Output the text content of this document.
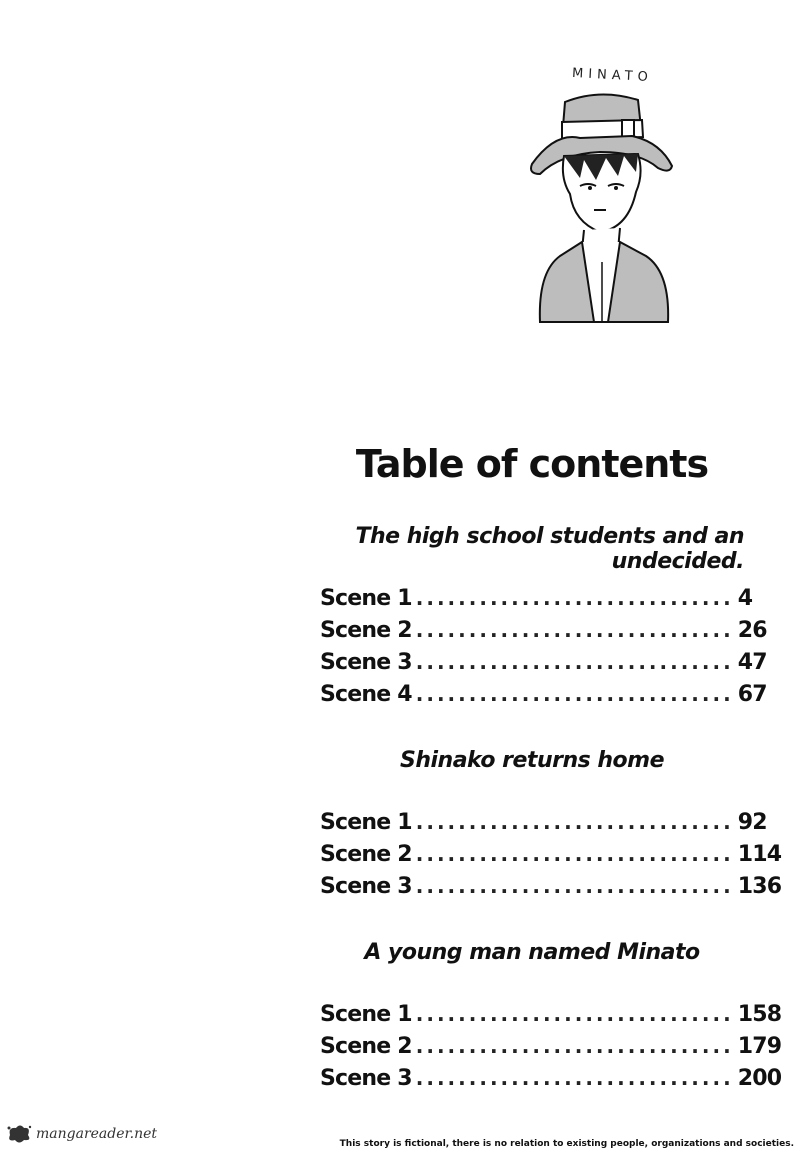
MINATO
Table of contents
The high school students and an undecided.
Scene 1 .............................. 4
Scene 2 .............................. 26
Scene 3 .............................. 47
Scene 4 .............................. 67
Shinako returns home
Scene 1 .............................. 92
Scene 2 .............................. 114
Scene 3 .............................. 136
A young man named Minato
Scene 1 .............................. 158
Scene 2 .............................. 179
Scene 3 .............................. 200
mangareader.net
This story is fictional, there is no relation to existing people, organizations and societies.
